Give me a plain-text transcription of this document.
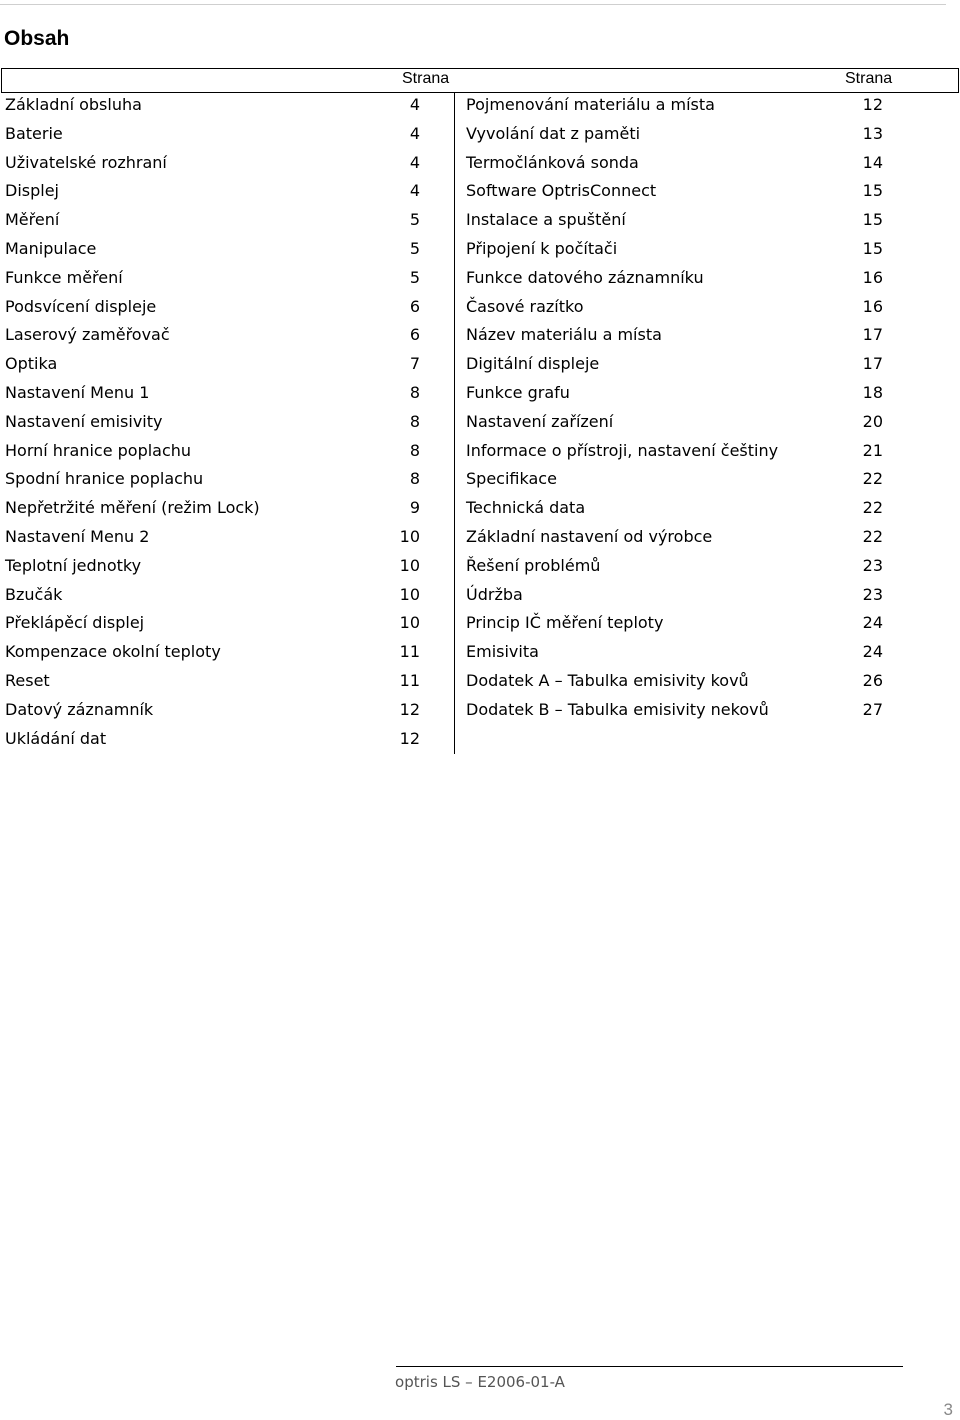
Obsah
Strana	Strana
Základní obsluha	4
Baterie	4
Uživatelské rozhraní	4
Displej	4
Měření	5
Manipulace	5
Funkce měření	5
Podsvícení displeje	6
Laserový zaměřovač	6
Optika	7
Nastavení Menu 1	8
Nastavení emisivity	8
Horní hranice poplachu	8
Spodní hranice poplachu	8
Nepřetržité měření (režim Lock)	9
Nastavení Menu 2	10
Teplotní jednotky	10
Bzučák	10
Překlápěcí displej	10
Kompenzace okolní teploty	11
Reset	11
Datový záznamník	12
Ukládání dat	12
Pojmenování materiálu a místa	12
Vyvolání dat z paměti	13
Termočlánková sonda	14
Software OptrisConnect	15
Instalace a spuštění	15
Připojení k počítači	15
Funkce datového záznamníku	16
Časové razítko	16
Název materiálu a místa	17
Digitální displeje	17
Funkce grafu	18
Nastavení zařízení	20
Informace o přístroji, nastavení češtiny	21
Specifikace	22
Technická data	22
Základní nastavení od výrobce	22
Řešení problémů	23
Údržba	23
Princip IČ měření teploty	24
Emisivita	24
Dodatek A – Tabulka emisivity kovů	26
Dodatek B – Tabulka emisivity nekovů	27
optris LS – E2006-01-A
3
